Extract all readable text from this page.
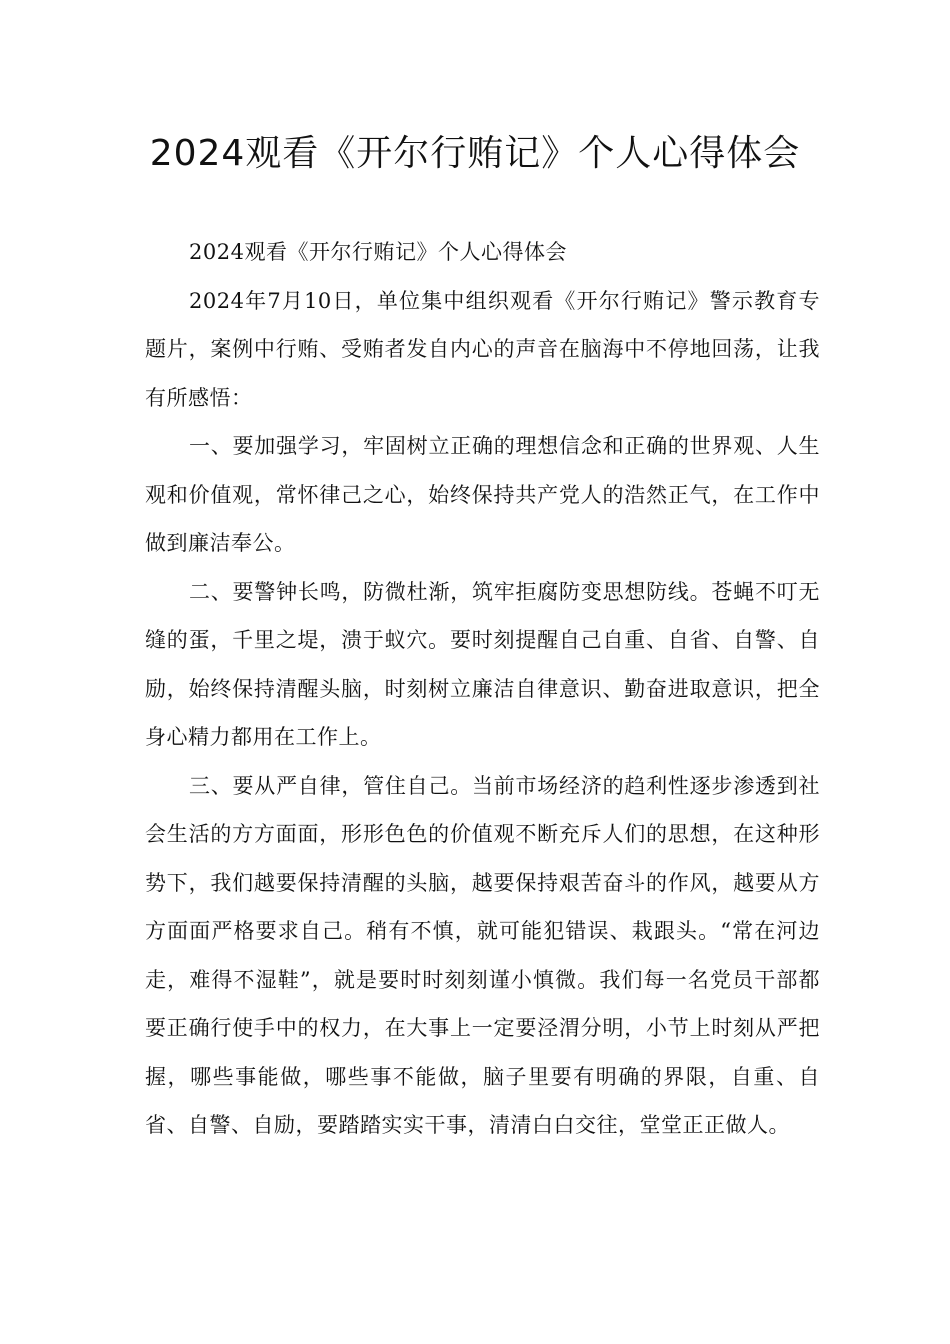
2024观看《开尔行贿记》个人心得体会

2024观看《开尔行贿记》个人心得体会

2024年7月10日，单位集中组织观看《开尔行贿记》警示教育专题片，案例中行贿、受贿者发自内心的声音在脑海中不停地回荡，让我有所感悟：

一、要加强学习，牢固树立正确的理想信念和正确的世界观、人生观和价值观，常怀律己之心，始终保持共产党人的浩然正气，在工作中做到廉洁奉公。

二、要警钟长鸣，防微杜渐，筑牢拒腐防变思想防线。苍蝇不叮无缝的蛋，千里之堤，溃于蚁穴。要时刻提醒自己自重、自省、自警、自励，始终保持清醒头脑，时刻树立廉洁自律意识、勤奋进取意识，把全身心精力都用在工作上。

三、要从严自律，管住自己。当前市场经济的趋利性逐步渗透到社会生活的方方面面，形形色色的价值观不断充斥人们的思想，在这种形势下，我们越要保持清醒的头脑，越要保持艰苦奋斗的作风，越要从方方面面严格要求自己。稍有不慎，就可能犯错误、栽跟头。“常在河边走，难得不湿鞋”，就是要时时刻刻谨小慎微。我们每一名党员干部都要正确行使手中的权力，在大事上一定要泾渭分明，小节上时刻从严把握，哪些事能做，哪些事不能做，脑子里要有明确的界限，自重、自省、自警、自励，要踏踏实实干事，清清白白交往，堂堂正正做人。
